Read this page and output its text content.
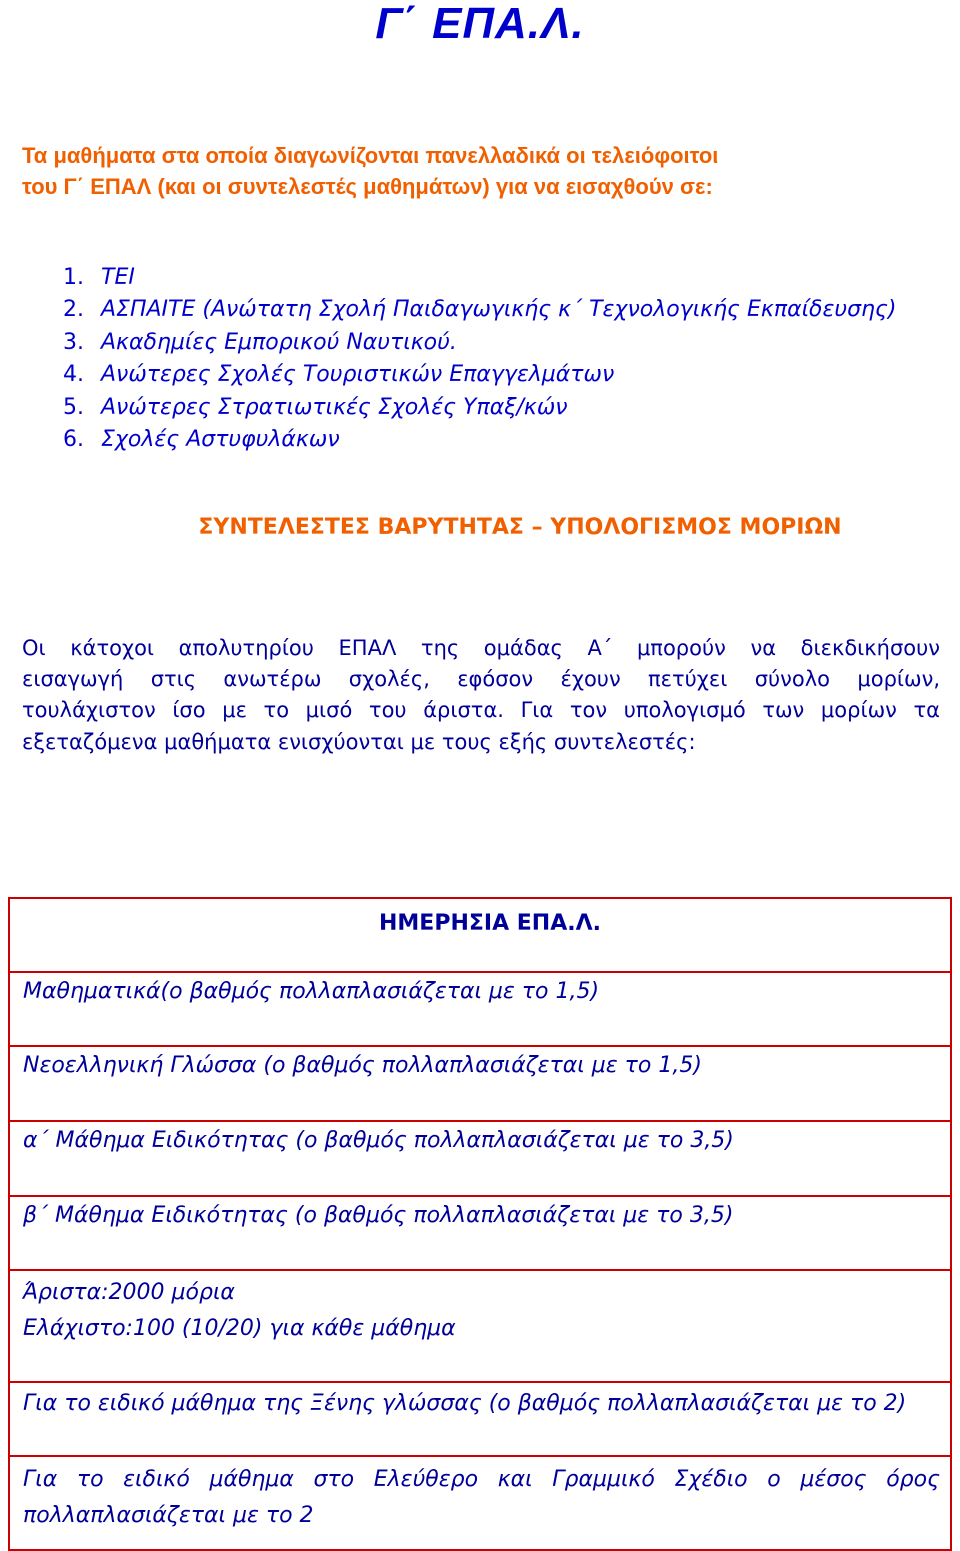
Γ΄ ΕΠΑ.Λ.
Τα μαθήματα στα οποία διαγωνίζονται πανελλαδικά οι τελειόφοιτοι
του Γ΄ ΕΠΑΛ (και οι συντελεστές μαθημάτων) για να εισαχθούν σε:
1. ΤΕΙ
2. ΑΣΠΑΙΤΕ (Ανώτατη Σχολή Παιδαγωγικής κ΄ Τεχνολογικής Εκπαίδευσης)
3. Ακαδημίες Εμπορικού Ναυτικού.
4. Ανώτερες Σχολές Τουριστικών Επαγγελμάτων
5. Ανώτερες Στρατιωτικές Σχολές Υπαξ/κών
6. Σχολές Αστυφυλάκων
ΣΥΝΤΕΛΕΣΤΕΣ ΒΑΡΥΤΗΤΑΣ – ΥΠΟΛΟΓΙΣΜΟΣ ΜΟΡΙΩΝ
Οι κάτοχοι απολυτηρίου ΕΠΑΛ της ομάδας Α΄ μπορούν να διεκδικήσουν
εισαγωγή στις ανωτέρω σχολές, εφόσον έχουν πετύχει σύνολο μορίων,
τουλάχιστον ίσο με το μισό του άριστα. Για τον υπολογισμό των μορίων τα
εξεταζόμενα μαθήματα ενισχύονται με τους εξής συντελεστές:
ΗΜΕΡΗΣΙΑ ΕΠΑ.Λ.
Μαθηματικά(ο βαθμός πολλαπλασιάζεται με το 1,5)
Νεοελληνική Γλώσσα (ο βαθμός πολλαπλασιάζεται με το 1,5)
α΄ Μάθημα Ειδικότητας (ο βαθμός πολλαπλασιάζεται με το 3,5)
β΄ Μάθημα Ειδικότητας (ο βαθμός πολλαπλασιάζεται με το 3,5)
Άριστα:2000 μόρια
Ελάχιστο:100 (10/20) για κάθε μάθημα
Για το ειδικό μάθημα της Ξένης γλώσσας (ο βαθμός πολλαπλασιάζεται με το 2)
Για το ειδικό μάθημα στο Ελεύθερο και Γραμμικό Σχέδιο ο μέσος όρος
πολλαπλασιάζεται με το 2
